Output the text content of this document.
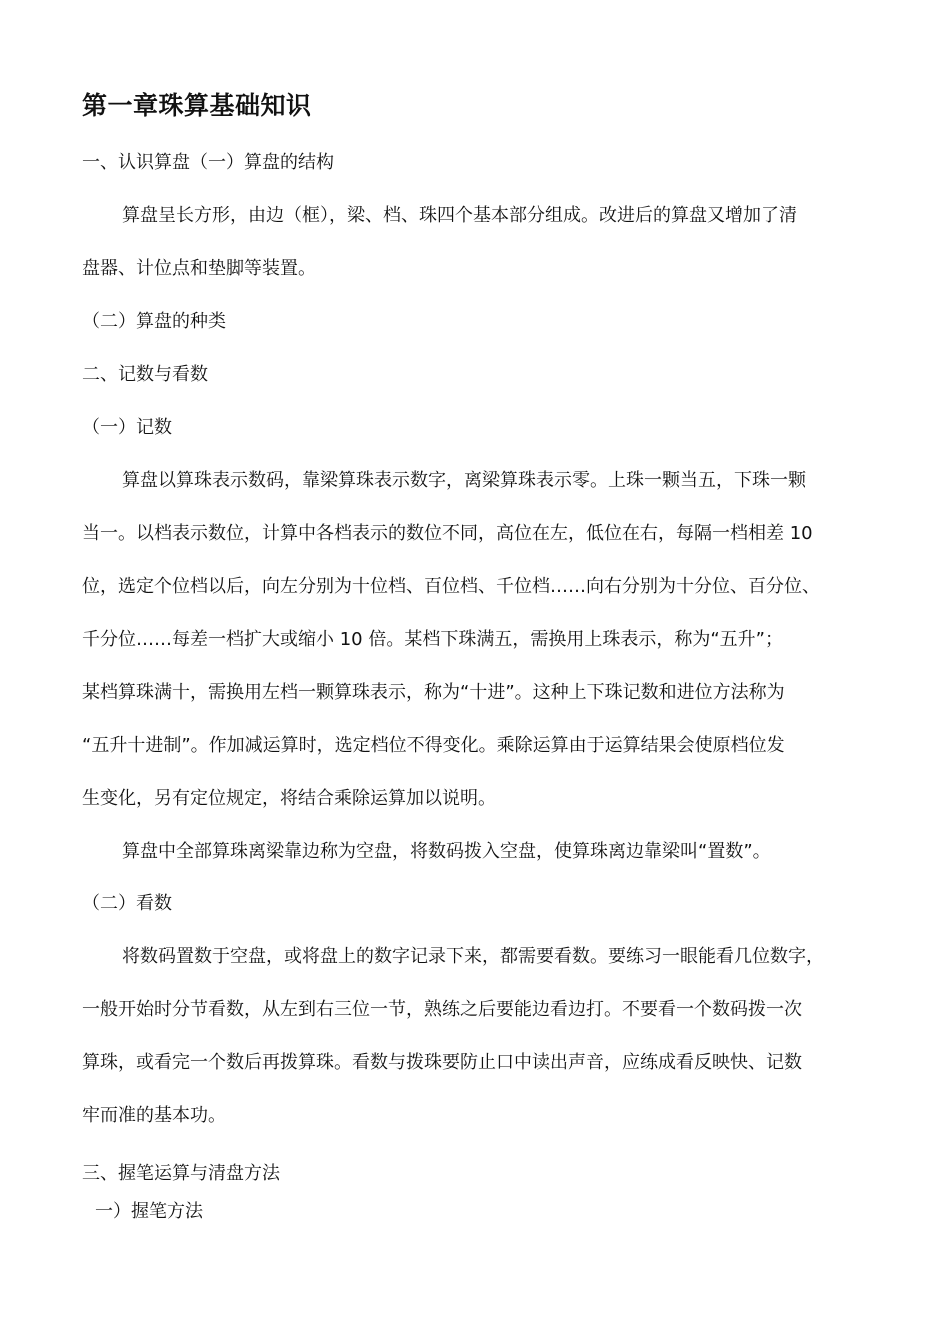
第一章珠算基础知识

一、认识算盘（一）算盘的结构

算盘呈长方形，由边（框），梁、档、珠四个基本部分组成。改进后的算盘又增加了清

盘器、计位点和垫脚等装置。

（二）算盘的种类

二、记数与看数

（一）记数

算盘以算珠表示数码，靠梁算珠表示数字，离梁算珠表示零。上珠一颗当五，下珠一颗

当一。以档表示数位，计算中各档表示的数位不同，高位在左，低位在右，每隔一档相差 10

位，选定个位档以后，向左分别为十位档、百位档、千位档……向右分别为十分位、百分位、

千分位……每差一档扩大或缩小 10 倍。某档下珠满五，需换用上珠表示，称为“五升”；

某档算珠满十，需换用左档一颗算珠表示，称为“十进”。这种上下珠记数和进位方法称为

“五升十进制”。作加减运算时，选定档位不得变化。乘除运算由于运算结果会使原档位发

生变化，另有定位规定，将结合乘除运算加以说明。

算盘中全部算珠离梁靠边称为空盘，将数码拨入空盘，使算珠离边靠梁叫“置数”。

（二）看数

将数码置数于空盘，或将盘上的数字记录下来，都需要看数。要练习一眼能看几位数字，

一般开始时分节看数，从左到右三位一节，熟练之后要能边看边打。不要看一个数码拨一次

算珠，或看完一个数后再拨算珠。看数与拨珠要防止口中读出声音，应练成看反映快、记数

牢而准的基本功。

三、握笔运算与清盘方法

一）握笔方法
